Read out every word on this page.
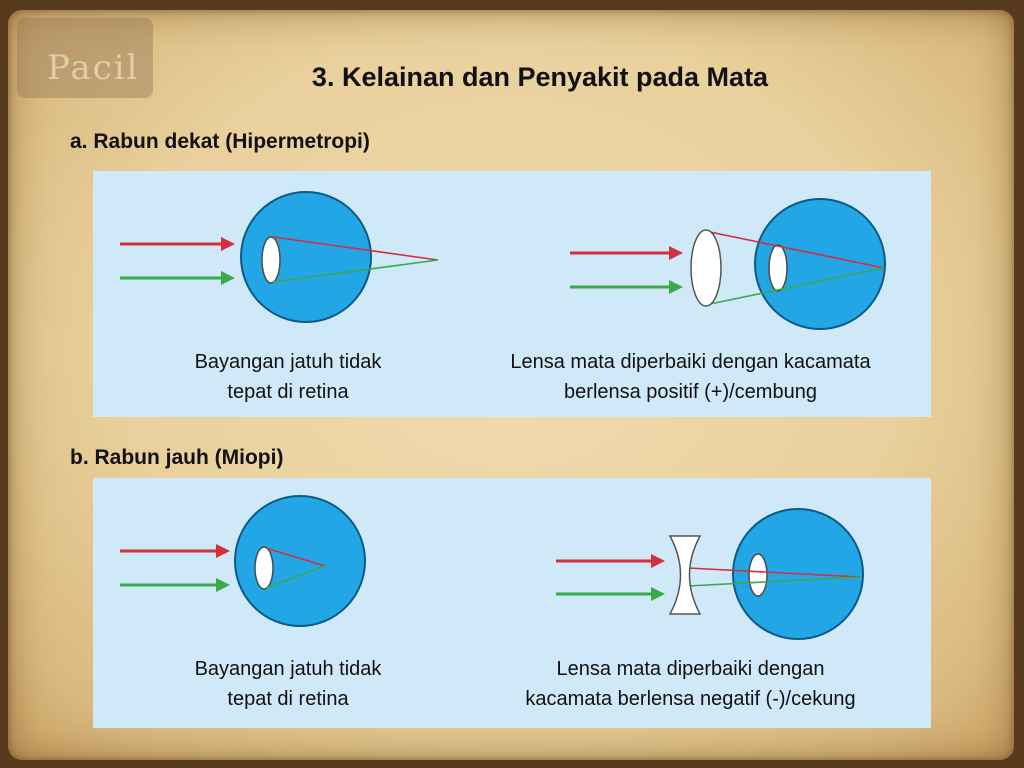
Pacil	3. Kelainan dan Penyakit pada Mata
a. Rabun dekat (Hipermetropi)
Bayangan jatuh tidak
tepat di retina
Lensa mata diperbaiki dengan kacamata
berlensa positif (+)/cembung
b. Rabun jauh (Miopi)
Bayangan jatuh tidak
tepat di retina
Lensa mata diperbaiki dengan
kacamata berlensa negatif (-)/cekung
